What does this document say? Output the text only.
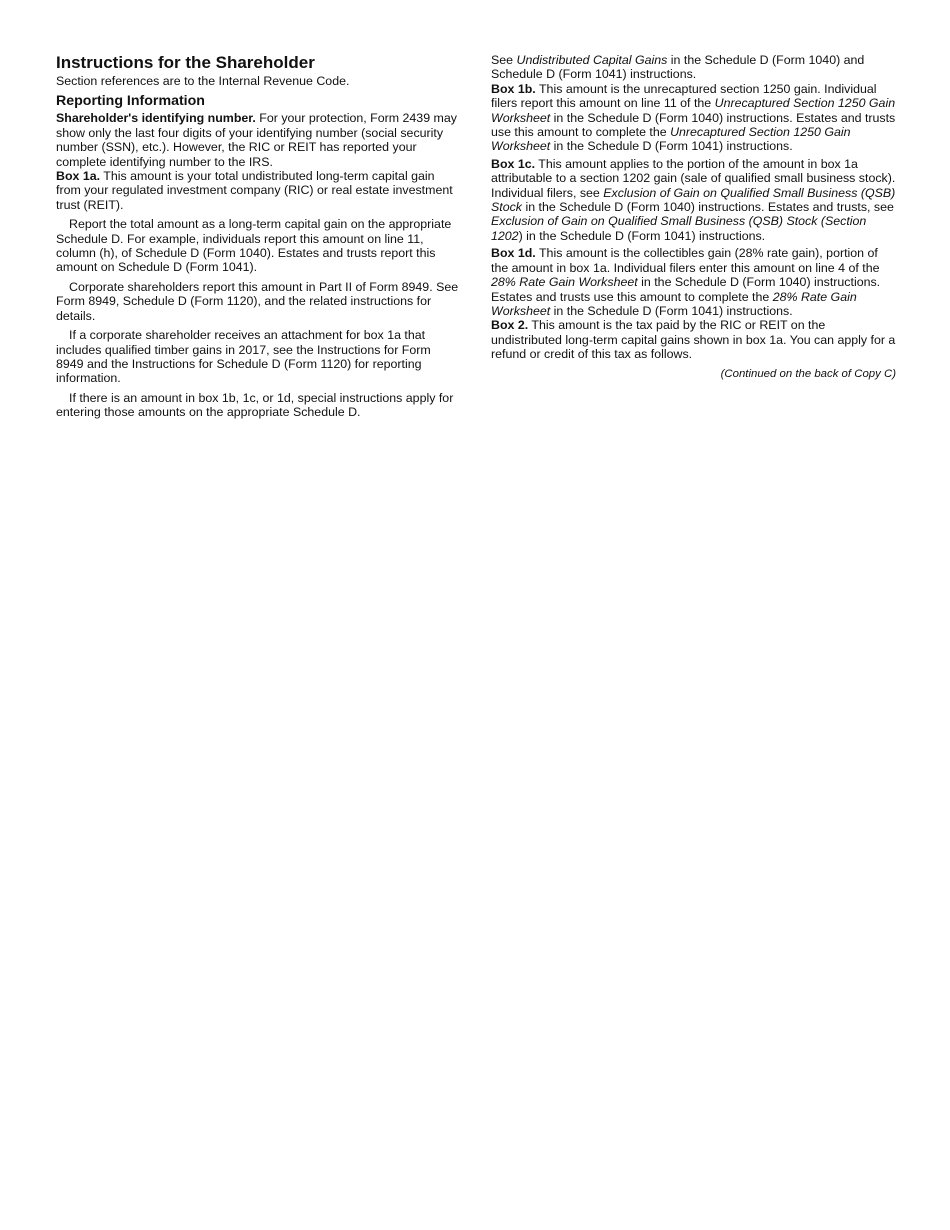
Instructions for the Shareholder

Section references are to the Internal Revenue Code.

Reporting Information

Shareholder's identifying number. For your protection, Form 2439 may show only the last four digits of your identifying number (social security number (SSN), etc.). However, the RIC or REIT has reported your complete identifying number to the IRS.

Box 1a. This amount is your total undistributed long-term capital gain from your regulated investment company (RIC) or real estate investment trust (REIT).

Report the total amount as a long-term capital gain on the appropriate Schedule D. For example, individuals report this amount on line 11, column (h), of Schedule D (Form 1040). Estates and trusts report this amount on Schedule D (Form 1041).

Corporate shareholders report this amount in Part II of Form 8949. See Form 8949, Schedule D (Form 1120), and the related instructions for details.

If a corporate shareholder receives an attachment for box 1a that includes qualified timber gains in 2017, see the Instructions for Form 8949 and the Instructions for Schedule D (Form 1120) for reporting information.

If there is an amount in box 1b, 1c, or 1d, special instructions apply for entering those amounts on the appropriate Schedule D.

See Undistributed Capital Gains in the Schedule D (Form 1040) and Schedule D (Form 1041) instructions.

Box 1b. This amount is the unrecaptured section 1250 gain. Individual filers report this amount on line 11 of the Unrecaptured Section 1250 Gain Worksheet in the Schedule D (Form 1040) instructions. Estates and trusts use this amount to complete the Unrecaptured Section 1250 Gain Worksheet in the Schedule D (Form 1041) instructions.

Box 1c. This amount applies to the portion of the amount in box 1a attributable to a section 1202 gain (sale of qualified small business stock). Individual filers, see Exclusion of Gain on Qualified Small Business (QSB) Stock in the Schedule D (Form 1040) instructions. Estates and trusts, see Exclusion of Gain on Qualified Small Business (QSB) Stock (Section 1202) in the Schedule D (Form 1041) instructions.

Box 1d. This amount is the collectibles gain (28% rate gain), portion of the amount in box 1a. Individual filers enter this amount on line 4 of the 28% Rate Gain Worksheet in the Schedule D (Form 1040) instructions. Estates and trusts use this amount to complete the 28% Rate Gain Worksheet in the Schedule D (Form 1041) instructions.

Box 2. This amount is the tax paid by the RIC or REIT on the undistributed long-term capital gains shown in box 1a. You can apply for a refund or credit of this tax as follows.

(Continued on the back of Copy C)
